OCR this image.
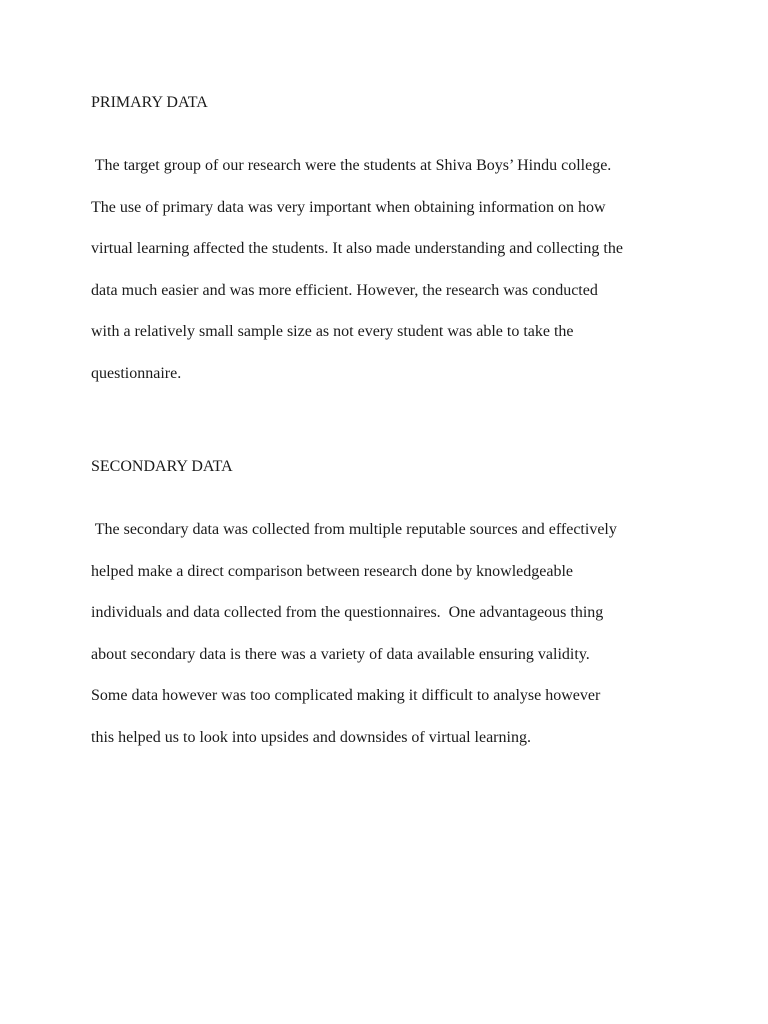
PRIMARY DATA

The target group of our research were the students at Shiva Boys’ Hindu college.
The use of primary data was very important when obtaining information on how
virtual learning affected the students. It also made understanding and collecting the
data much easier and was more efficient. However, the research was conducted
with a relatively small sample size as not every student was able to take the
questionnaire.

SECONDARY DATA

The secondary data was collected from multiple reputable sources and effectively
helped make a direct comparison between research done by knowledgeable
individuals and data collected from the questionnaires.  One advantageous thing
about secondary data is there was a variety of data available ensuring validity.
Some data however was too complicated making it difficult to analyse however
this helped us to look into upsides and downsides of virtual learning.
